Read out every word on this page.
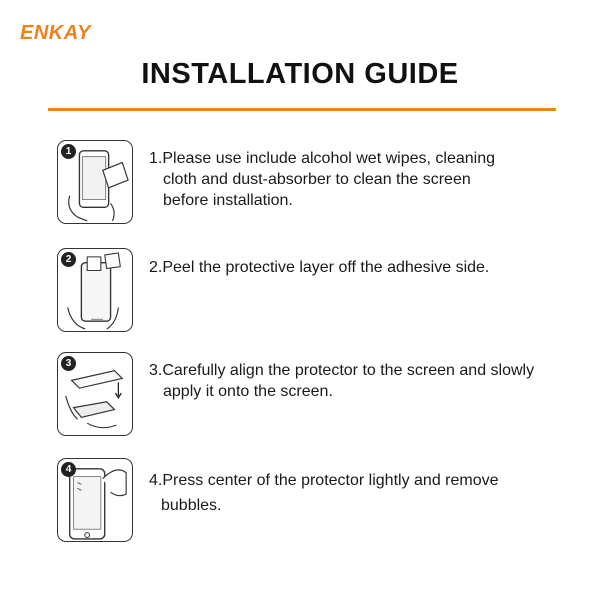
ENKAY
INSTALLATION GUIDE
1	1.Please use include alcohol wet wipes, cleaning
cloth and dust-absorber to clean the screen
before installation.
2	2.Peel the protective layer off the adhesive side.
3	3.Carefully align the protector to the screen and slowly
apply it onto the screen.
4
4.Press center of the protector lightly and remove
bubbles.
